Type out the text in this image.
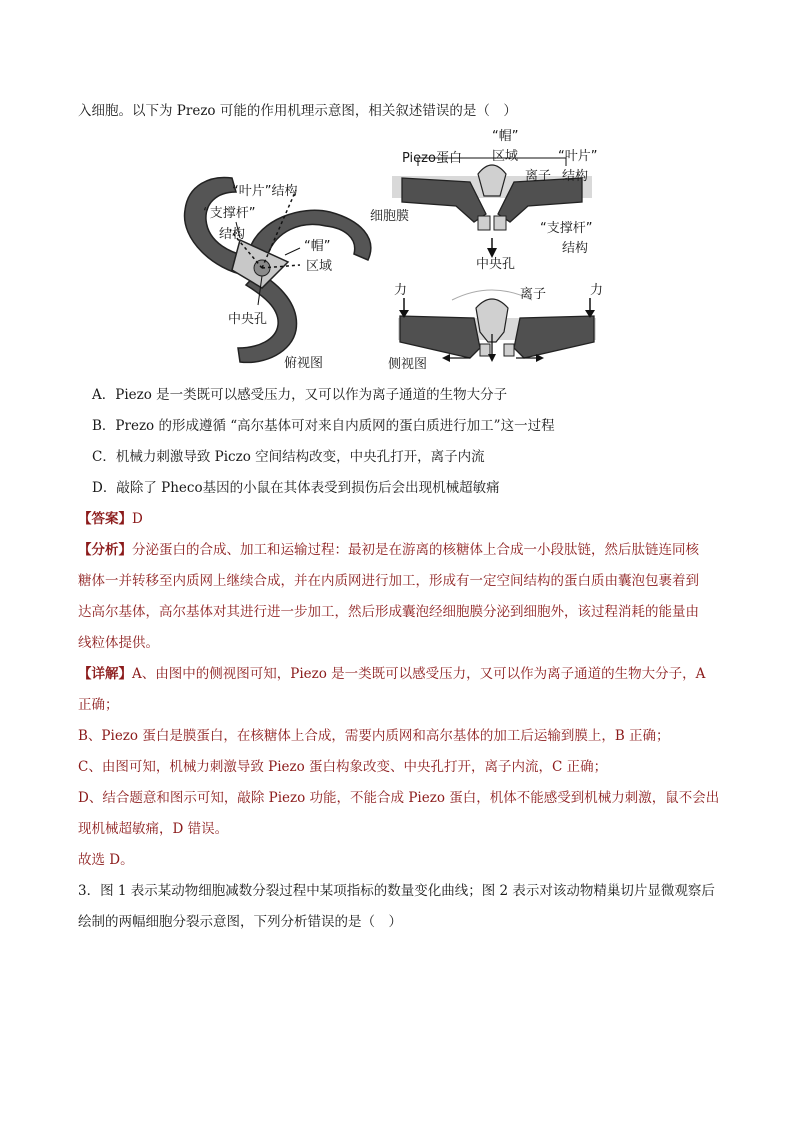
入细胞。以下为 Prezo 可能的作用机理示意图，相关叙述错误的是（　）
“叶片”结构
“支撑杆”
结构
“帽”
区域
中央孔
俯视图
Piezo蛋白
“帽”
区域
离子
“叶片”
结构
细胞膜
“支撑杆”
结构
中央孔
力	力
离子
侧视图
A．Piezo 是一类既可以感受压力，又可以作为离子通道的生物大分子
B．Prezo 的形成遵循 “高尔基体可对来自内质网的蛋白质进行加工”这一过程
C．机械力刺激导致 Piczo 空间结构改变，中央孔打开，离子内流
D．敲除了 Pheco基因的小鼠在其体表受到损伤后会出现机械超敏痛
【答案】D
【分析】分泌蛋白的合成、加工和运输过程：最初是在游离的核糖体上合成一小段肽链，然后肽链连同核
糖体一并转移至内质网上继续合成，并在内质网进行加工，形成有一定空间结构的蛋白质由囊泡包裹着到
达高尔基体，高尔基体对其进行进一步加工，然后形成囊泡经细胞膜分泌到细胞外，该过程消耗的能量由
线粒体提供。
【详解】A、由图中的侧视图可知，Piezo 是一类既可以感受压力，又可以作为离子通道的生物大分子，A
正确；
B、Piezo 蛋白是膜蛋白，在核糖体上合成，需要内质网和高尔基体的加工后运输到膜上，B 正确；
C、由图可知，机械力刺激导致 Piezo 蛋白构象改变、中央孔打开，离子内流，C 正确；
D、结合题意和图示可知，敲除 Piezo 功能，不能合成 Piezo 蛋白，机体不能感受到机械力刺激，鼠不会出
现机械超敏痛，D 错误。
故选 D。
3．图 1 表示某动物细胞减数分裂过程中某项指标的数量变化曲线；图 2 表示对该动物精巢切片显微观察后
绘制的两幅细胞分裂示意图，下列分析错误的是（　）
